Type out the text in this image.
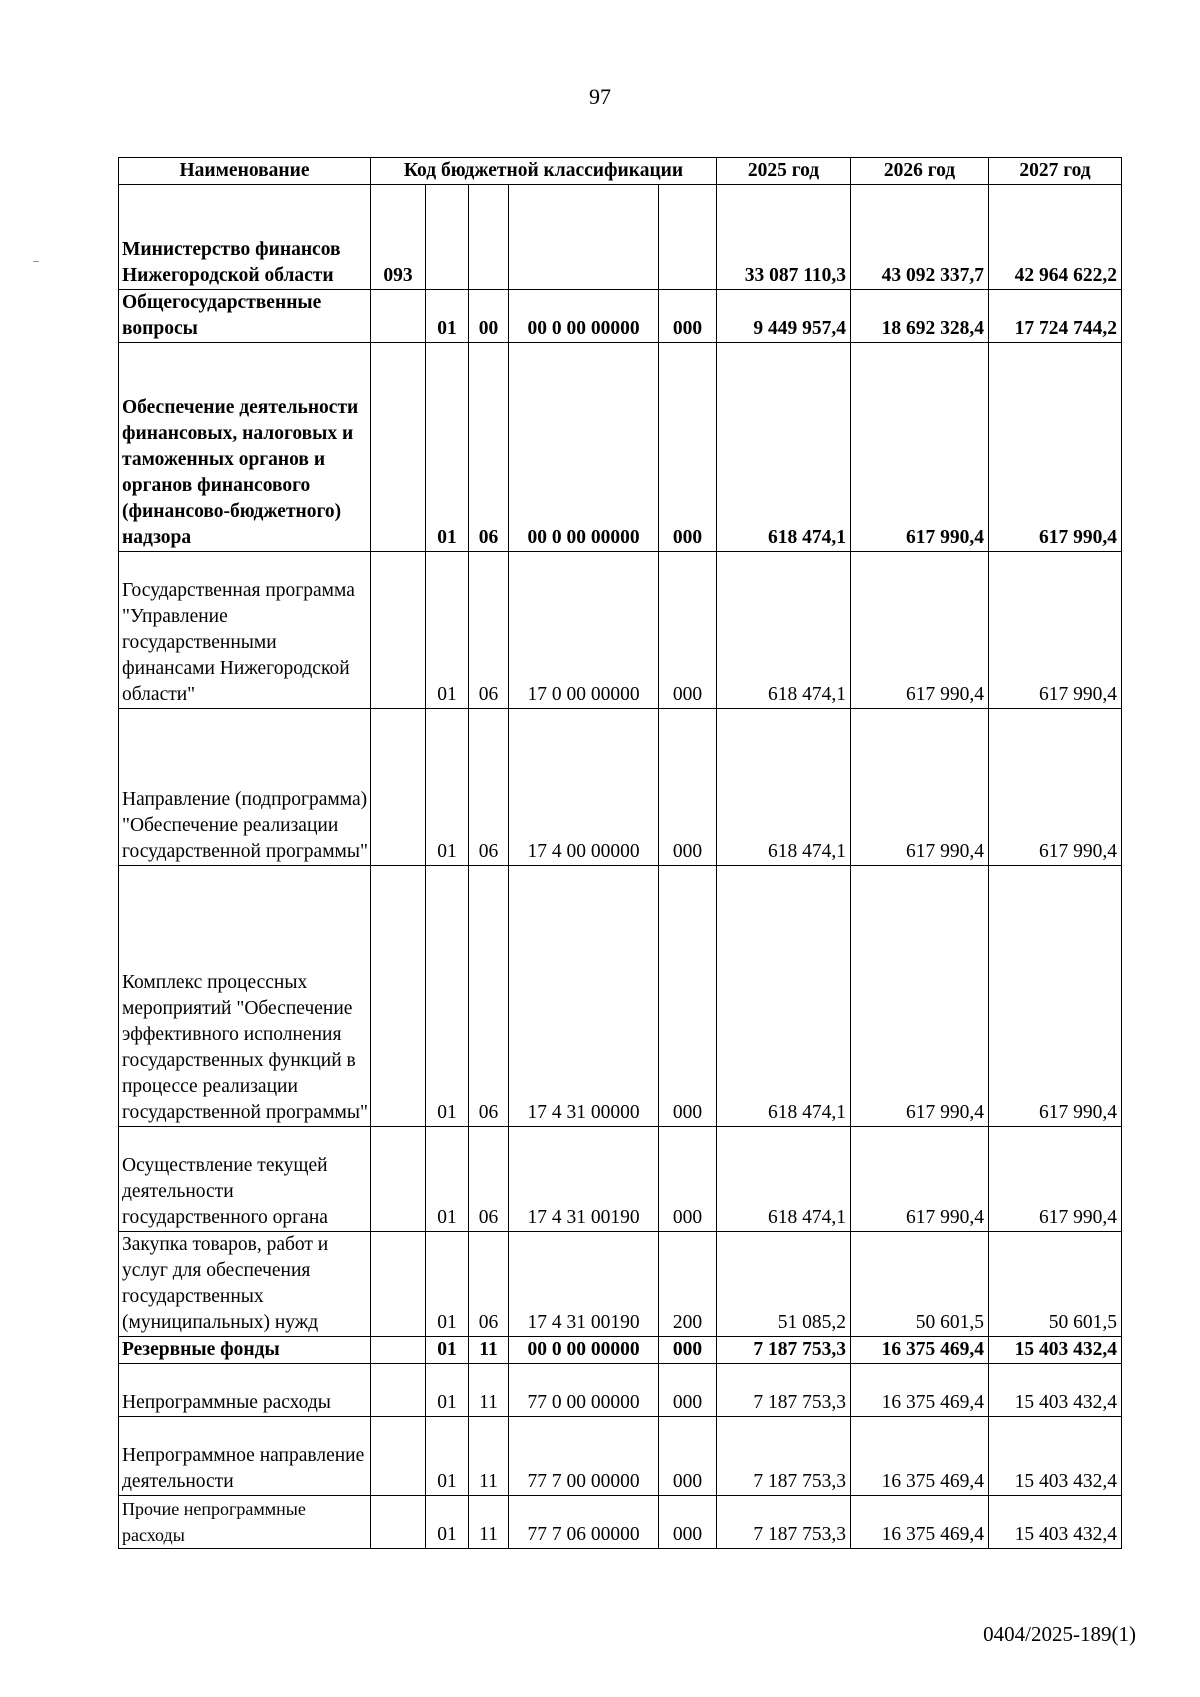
97
Наименование	Код бюджетной классификации					2025 год	2026 год	2027 год
Министерство финансов Нижегородской области	093					33 087 110,3	43 092 337,7	42 964 622,2
Общегосударственные вопросы		01	00	00 0 00 00000	000	9 449 957,4	18 692 328,4	17 724 744,2
Обеспечение деятельности финансовых, налоговых и таможенных органов и органов финансового (финансово-бюджетного) надзора		01	06	00 0 00 00000	000	618 474,1	617 990,4	617 990,4
Государственная программа "Управление государственными финансами Нижегородской области"		01	06	17 0 00 00000	000	618 474,1	617 990,4	617 990,4
Направление (подпрограмма) "Обеспечение реализации государственной программы"		01	06	17 4 00 00000	000	618 474,1	617 990,4	617 990,4
Комплекс процессных мероприятий "Обеспечение эффективного исполнения государственных функций в процессе реализации государственной программы"		01	06	17 4 31 00000	000	618 474,1	617 990,4	617 990,4
Осуществление текущей деятельности государственного органа		01	06	17 4 31 00190	000	618 474,1	617 990,4	617 990,4
Закупка товаров, работ и услуг для обеспечения государственных (муниципальных) нужд		01	06	17 4 31 00190	200	51 085,2	50 601,5	50 601,5
Резервные фонды		01	11	00 0 00 00000	000	7 187 753,3	16 375 469,4	15 403 432,4
Непрограммные расходы		01	11	77 0 00 00000	000	7 187 753,3	16 375 469,4	15 403 432,4
Непрограммное направление деятельности		01	11	77 7 00 00000	000	7 187 753,3	16 375 469,4	15 403 432,4
Прочие непрограммные расходы		01	11	77 7 06 00000	000	7 187 753,3	16 375 469,4	15 403 432,4
0404/2025-189(1)
